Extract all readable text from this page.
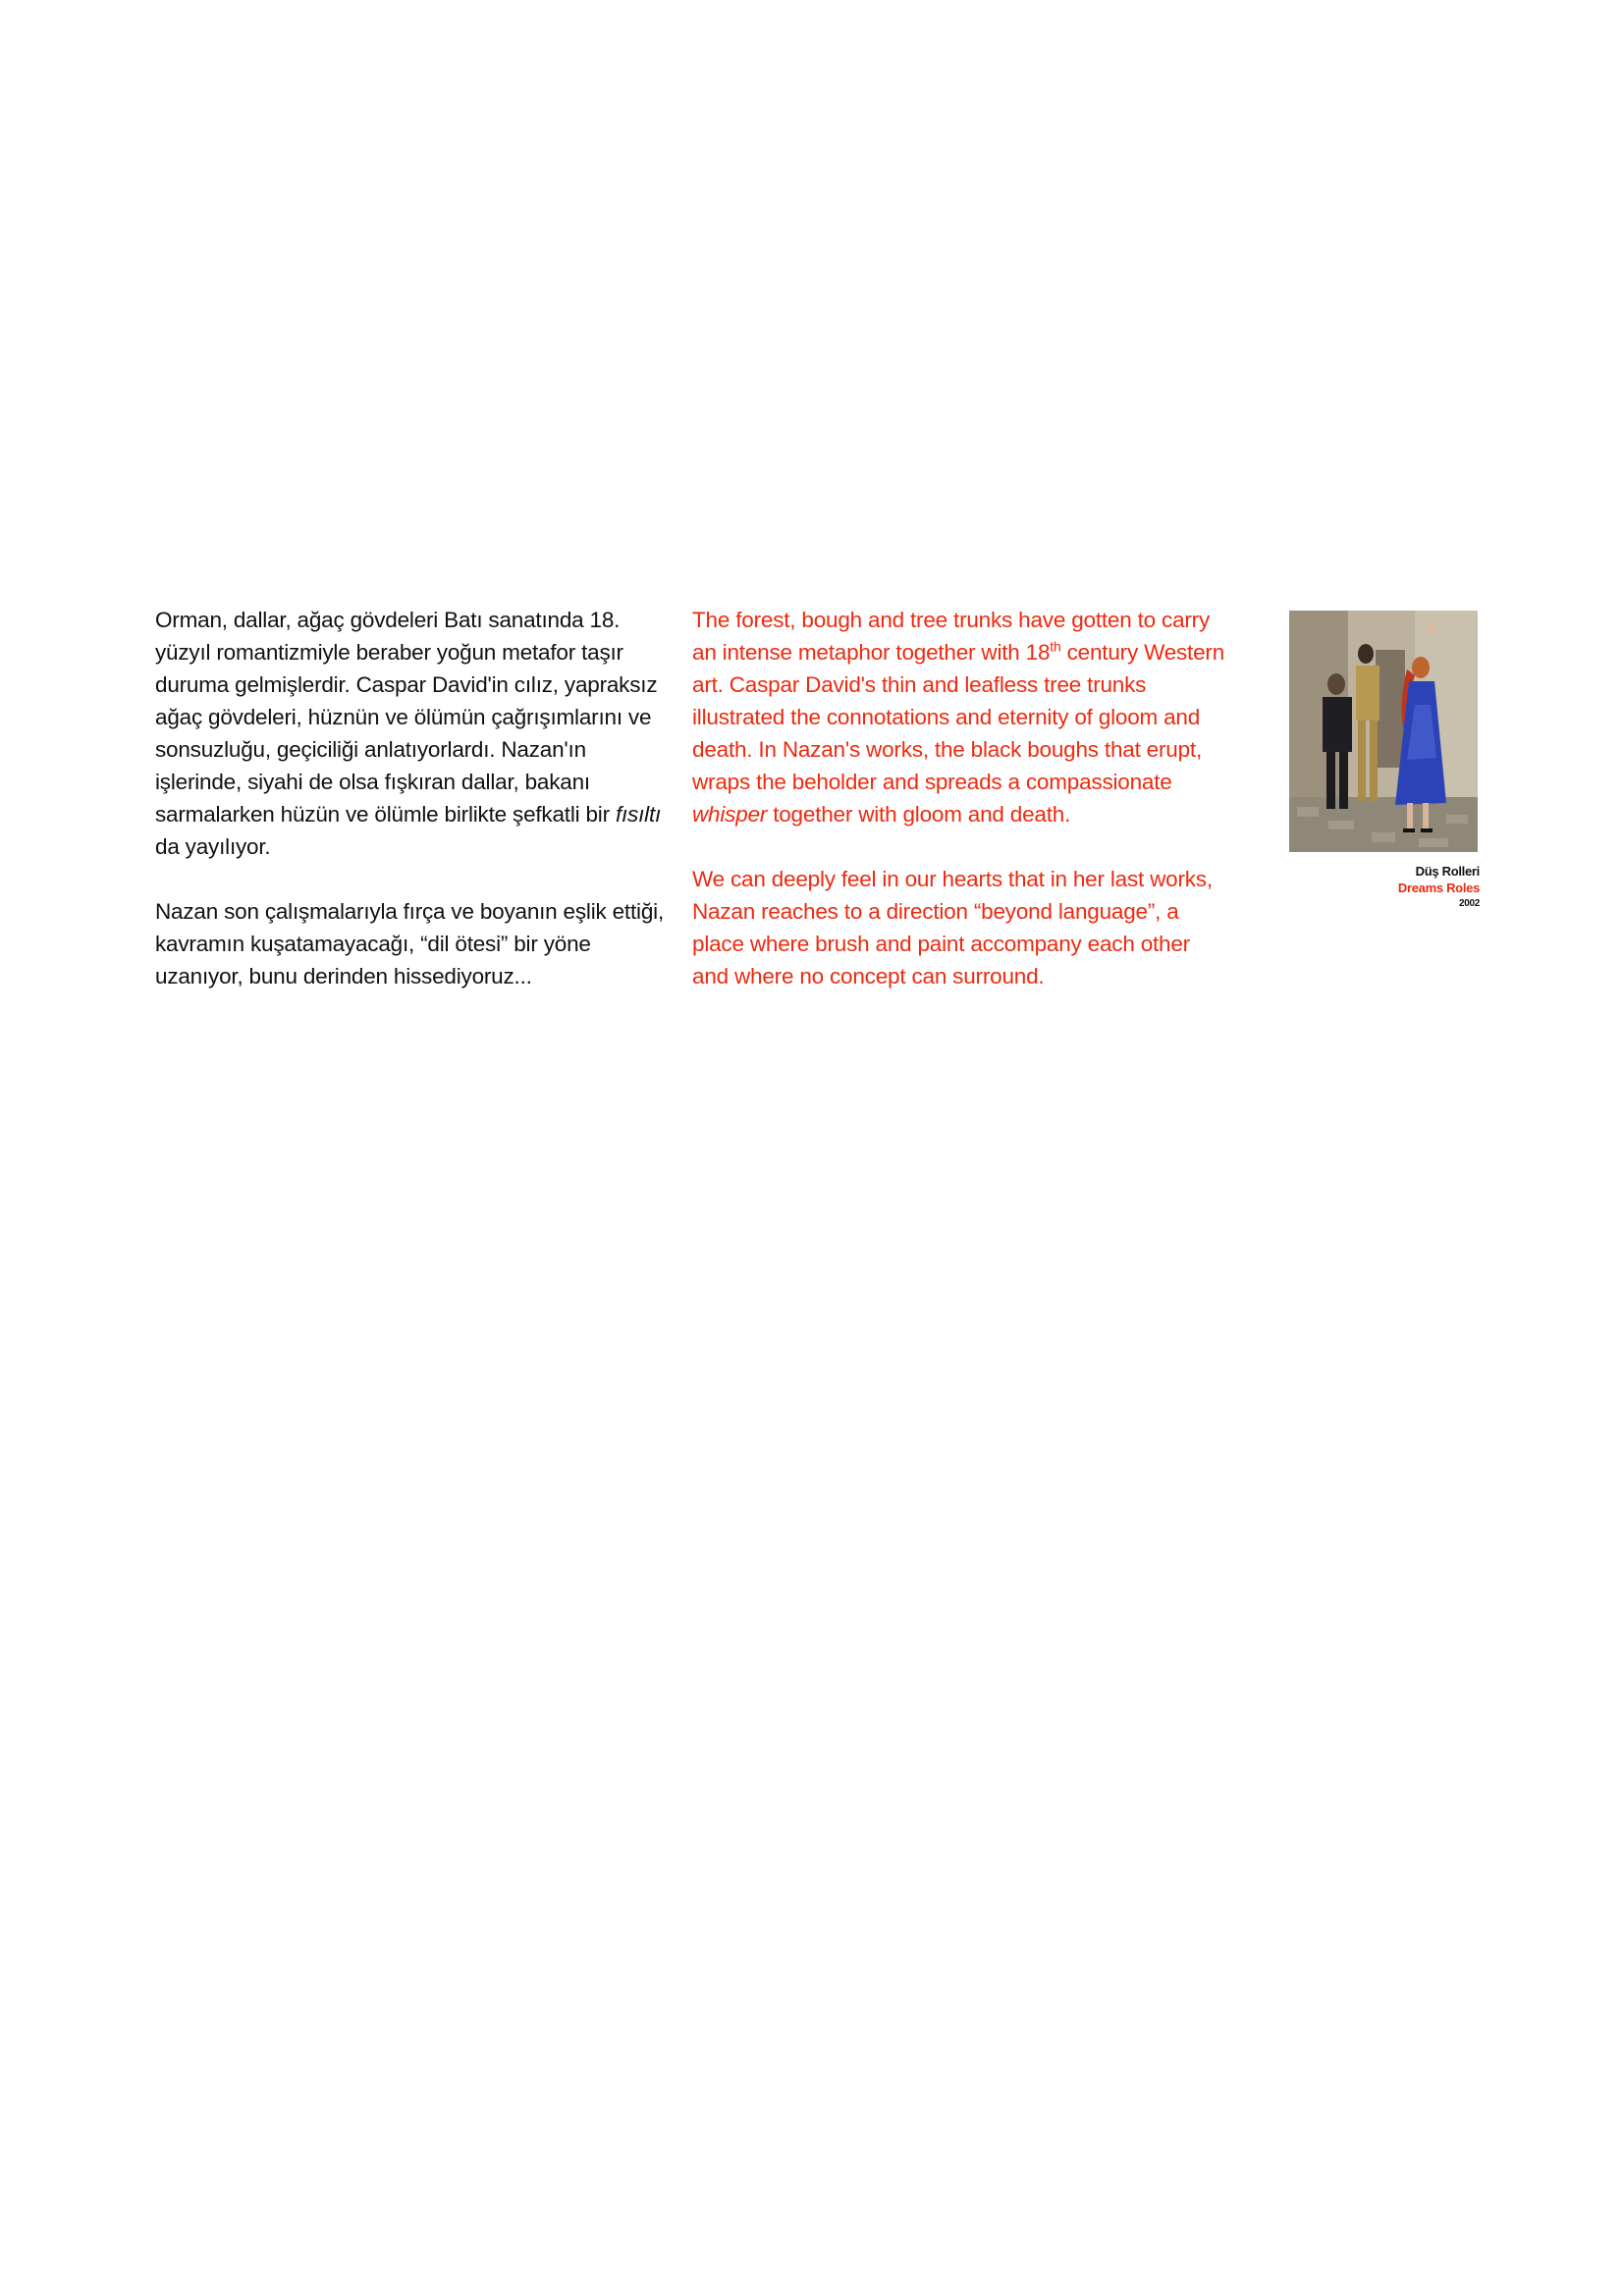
Orman, dallar, ağaç gövdeleri Batı sanatında 18. yüzyıl romantizmiyle beraber yoğun metafor taşır duruma gelmişlerdir. Caspar David'in cılız, yapraksız ağaç gövdeleri, hüznün ve ölümün çağrışımlarını ve sonsuzluğu, geçiciliği anlatıyorlardı. Nazan'ın işlerinde, siyahi de olsa fışkıran dallar, bakanı sarmalarken hüzün ve ölümle birlikte şefkatli bir fısıltı da yayılıyor.

Nazan son çalışmalarıyla fırça ve boyanın eşlik ettiği, kavramın kuşatamayacağı, “dil ötesi” bir yöne uzanıyor, bunu derinden hissediyoruz...

The forest, bough and tree trunks have gotten to carry an intense metaphor together with 18th century Western art. Caspar David's thin and leafless tree trunks illustrated the connotations and eternity of gloom and death. In Nazan's works, the black boughs that erupt, wraps the beholder and spreads a compassionate whisper together with gloom and death.

We can deeply feel in our hearts that in her last works, Nazan reaches to a direction “beyond language”, a place where brush and paint accompany each other and where no concept can surround.

Düş Rolleri
Dreams Roles
2002
